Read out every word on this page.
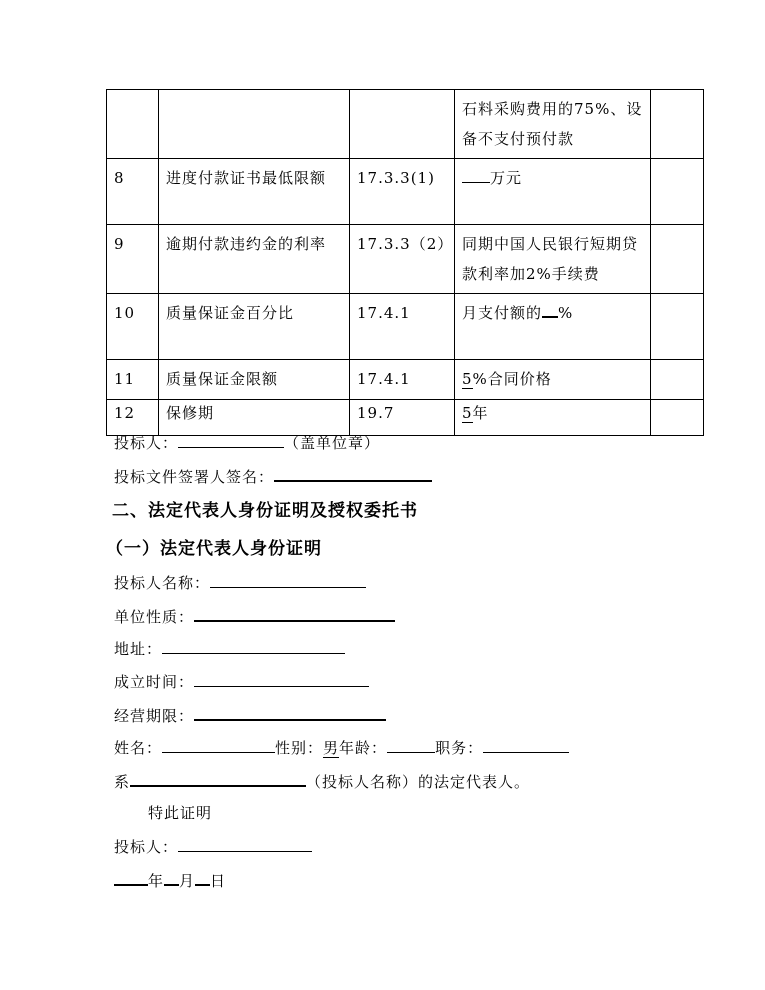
			石料采购费用的75%、设备不支付预付款	
8	进度付款证书最低限额	17.3.3(1)	万元	
9	逾期付款违约金的利率	17.3.3（2）	同期中国人民银行短期贷款利率加2%手续费	
10	质量保证金百分比	17.4.1	月支付额的 %	
11	质量保证金限额	17.4.1	5%合同价格	
12	保修期	19.7	5年	
投标人：	（盖单位章）
投标文件签署人签名：
二、法定代表人身份证明及授权委托书
（一）法定代表人身份证明
投标人名称：
单位性质：
地址：
成立时间：
经营期限：
姓名：	性别：男年龄：	职务：
系	（投标人名称）的法定代表人。
特此证明
投标人：
年 月 日
